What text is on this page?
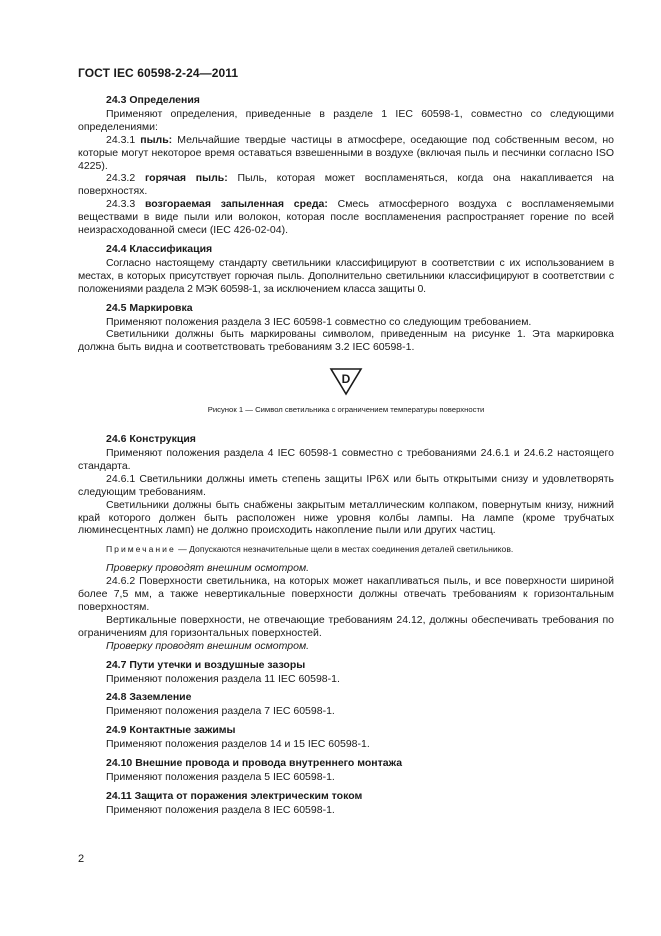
ГОСТ IEC 60598-2-24—2011
24.3 Определения

Применяют определения, приведенные в разделе 1 IEC 60598-1, совместно со следующими определениями:

24.3.1 пыль: Мельчайшие твердые частицы в атмосфере, оседающие под собственным весом, но которые могут некоторое время оставаться взвешенными в воздухе (включая пыль и песчинки согласно ISO 4225).

24.3.2 горячая пыль: Пыль, которая может воспламеняться, когда она накапливается на поверхностях.

24.3.3 возгораемая запыленная среда: Смесь атмосферного воздуха с воспламеняемыми веществами в виде пыли или волокон, которая после воспламенения распространяет горение по всей неизрасходованной смеси (IEC 426-02-04).

24.4 Классификация

Согласно настоящему стандарту светильники классифицируют в соответствии с их использованием в местах, в которых присутствует горючая пыль. Дополнительно светильники классифицируют в соответствии с положениями раздела 2 МЭК 60598-1, за исключением класса защиты 0.

24.5 Маркировка

Применяют положения раздела 3 IEC 60598-1 совместно со следующим требованием.

Светильники должны быть маркированы символом, приведенным на рисунке 1. Эта маркировка должна быть видна и соответствовать требованиям 3.2 IEC 60598-1.

D
Рисунок 1 — Символ светильника с ограничением температуры поверхности
24.6 Конструкция

Применяют положения раздела 4 IEC 60598-1 совместно с требованиями 24.6.1 и 24.6.2 настоящего стандарта.

24.6.1 Светильники должны иметь степень защиты IP6X или быть открытыми снизу и удовлетворять следующим требованиям.

Светильники должны быть снабжены закрытым металлическим колпаком, повернутым книзу, нижний край которого должен быть расположен ниже уровня колбы лампы. На лампе (кроме трубчатых люминесцентных ламп) не должно происходить накопление пыли или других частиц.

Примечание — Допускаются незначительные щели в местах соединения деталей светильников.

Проверку проводят внешним осмотром.

24.6.2 Поверхности светильника, на которых может накапливаться пыль, и все поверхности шириной более 7,5 мм, а также невертикальные поверхности должны отвечать требованиям к горизонтальным поверхностям.

Вертикальные поверхности, не отвечающие требованиям 24.12, должны обеспечивать требования по ограничениям для горизонтальных поверхностей.

Проверку проводят внешним осмотром.

24.7 Пути утечки и воздушные зазоры

Применяют положения раздела 11 IEC 60598-1.

24.8 Заземление

Применяют положения раздела 7 IEC 60598-1.

24.9 Контактные зажимы

Применяют положения разделов 14 и 15 IEC 60598-1.

24.10 Внешние провода и провода внутреннего монтажа

Применяют положения раздела 5 IEC 60598-1.

24.11 Защита от поражения электрическим током

Применяют положения раздела 8 IEC 60598-1.

2
